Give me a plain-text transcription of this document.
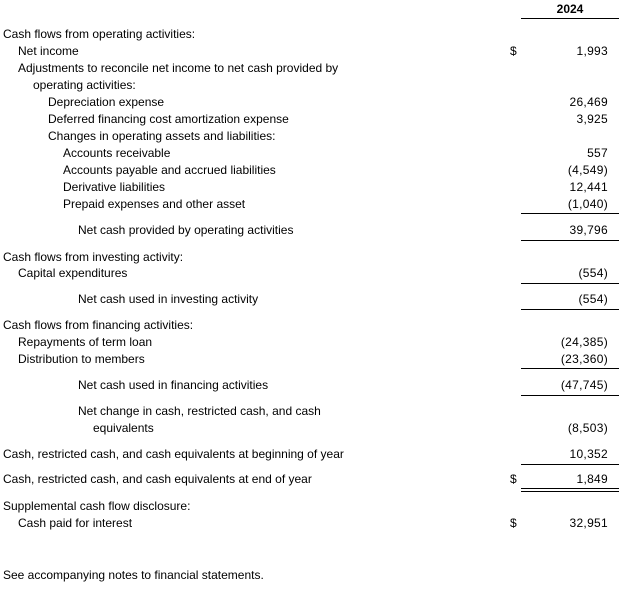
2024
Cash flows from operating activities:
Net income	$	1,993
Adjustments to reconcile net income to net cash provided by
operating activities:
Depreciation expense	26,469
Deferred financing cost amortization expense	3,925
Changes in operating assets and liabilities:
Accounts receivable	557
Accounts payable and accrued liabilities	(4,549)
Derivative liabilities	12,441
Prepaid expenses and other asset	(1,040)
Net cash provided by operating activities	39,796
Cash flows from investing activity:
Capital expenditures	(554)
Net cash used in investing activity	(554)
Cash flows from financing activities:
Repayments of term loan	(24,385)
Distribution to members	(23,360)
Net cash used in financing activities	(47,745)
Net change in cash, restricted cash, and cash
equivalents	(8,503)
Cash, restricted cash, and cash equivalents at beginning of year	10,352
Cash, restricted cash, and cash equivalents at end of year	$	1,849
Supplemental cash flow disclosure:
Cash paid for interest	$	32,951
See accompanying notes to financial statements.
